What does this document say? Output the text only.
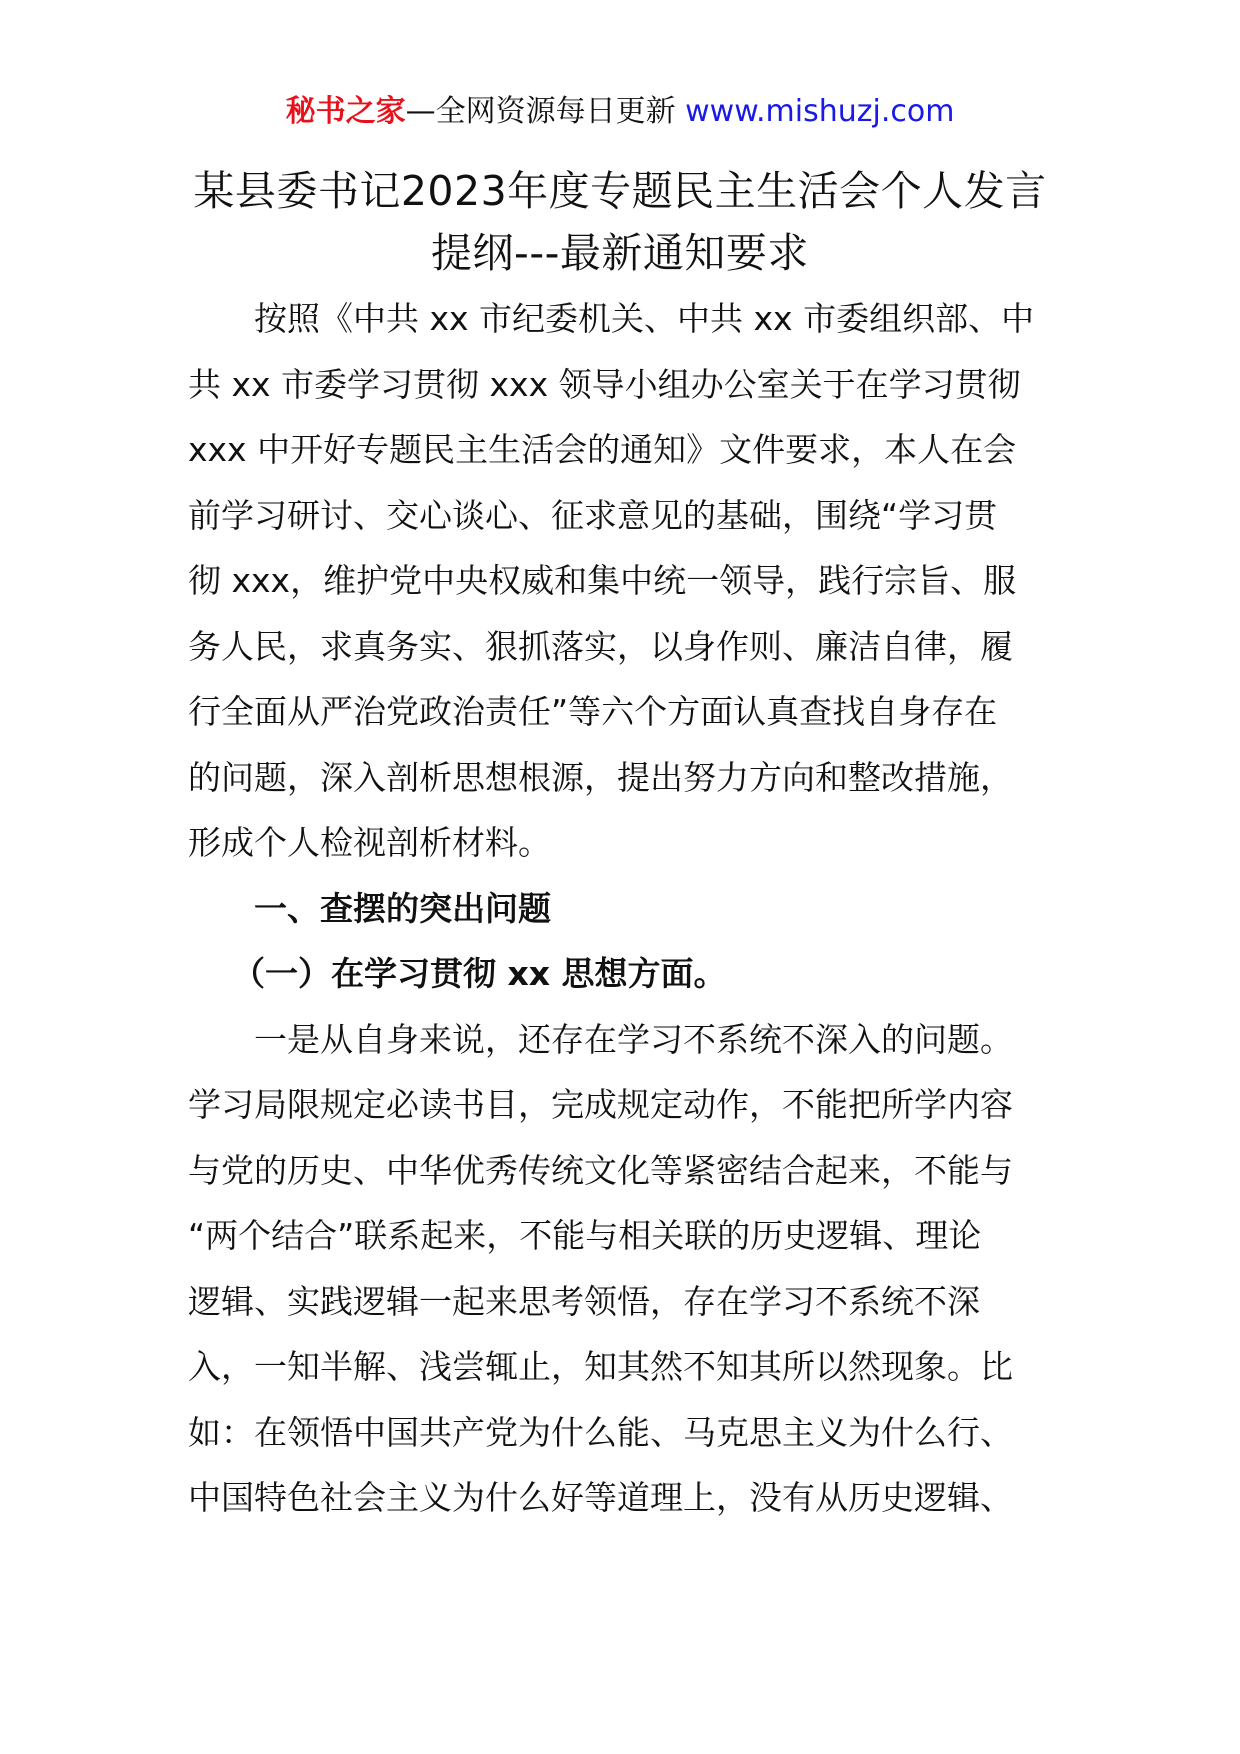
秘书之家—全网资源每日更新 www.mishuzj.com
某县委书记2023年度专题民主生活会个人发言
提纲---最新通知要求
按照《中共 xx 市纪委机关、中共 xx 市委组织部、中
共 xx 市委学习贯彻 xxx 领导小组办公室关于在学习贯彻
xxx 中开好专题民主生活会的通知》文件要求，本人在会
前学习研讨、交心谈心、征求意见的基础，围绕“学习贯
彻 xxx，维护党中央权威和集中统一领导，践行宗旨、服
务人民，求真务实、狠抓落实，以身作则、廉洁自律，履
行全面从严治党政治责任”等六个方面认真查找自身存在
的问题，深入剖析思想根源，提出努力方向和整改措施，
形成个人检视剖析材料。
一、查摆的突出问题
（一）在学习贯彻 xx 思想方面。
一是从自身来说，还存在学习不系统不深入的问题。
学习局限规定必读书目，完成规定动作，不能把所学内容
与党的历史、中华优秀传统文化等紧密结合起来，不能与
“两个结合”联系起来，不能与相关联的历史逻辑、理论
逻辑、实践逻辑一起来思考领悟，存在学习不系统不深
入，一知半解、浅尝辄止，知其然不知其所以然现象。比
如：在领悟中国共产党为什么能、马克思主义为什么行、
中国特色社会主义为什么好等道理上，没有从历史逻辑、
